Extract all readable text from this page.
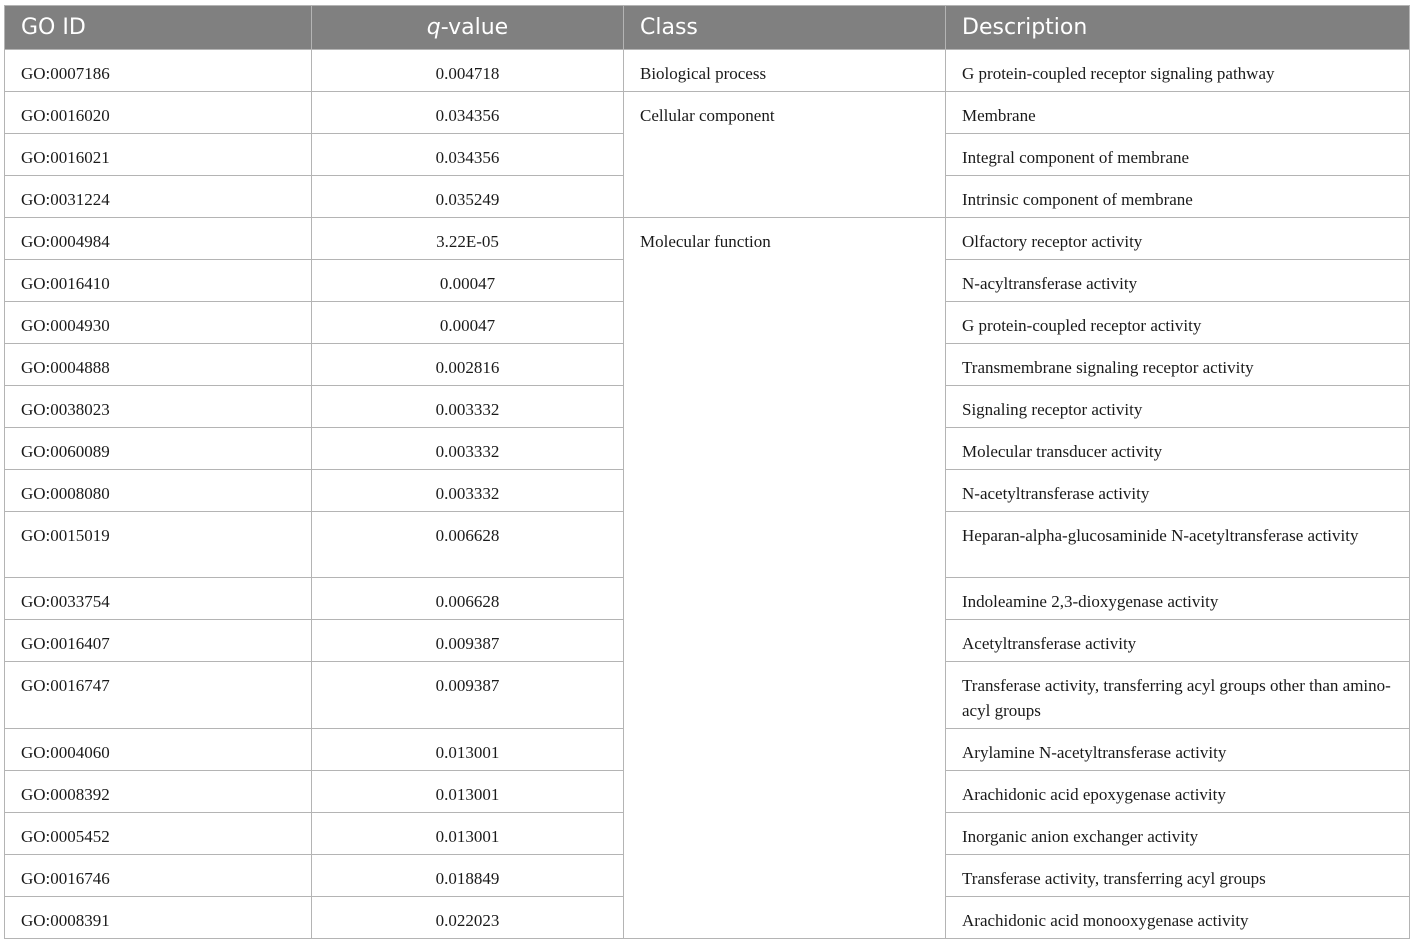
GO ID	q-value	Class	Description

GO:0007186	0.004718	Biological process	G protein-coupled receptor signaling pathway

GO:0016020	0.034356	Cellular component	Membrane

GO:0016021	0.034356		Integral component of membrane

GO:0031224	0.035249		Intrinsic component of membrane

GO:0004984	3.22E-05	Molecular function	Olfactory receptor activity

GO:0016410	0.00047		N-acyltransferase activity

GO:0004930	0.00047		G protein-coupled receptor activity

GO:0004888	0.002816		Transmembrane signaling receptor activity

GO:0038023	0.003332		Signaling receptor activity

GO:0060089	0.003332		Molecular transducer activity

GO:0008080	0.003332		N-acetyltransferase activity

GO:0015019	0.006628		Heparan-alpha-glucosaminide N-acetyltransferase activity

GO:0033754	0.006628		Indoleamine 2,3-dioxygenase activity

GO:0016407	0.009387		Acetyltransferase activity

GO:0016747	0.009387		Transferase activity, transferring acyl groups other than amino-acyl groups

GO:0004060	0.013001		Arylamine N-acetyltransferase activity

GO:0008392	0.013001		Arachidonic acid epoxygenase activity

GO:0005452	0.013001		Inorganic anion exchanger activity

GO:0016746	0.018849		Transferase activity, transferring acyl groups

GO:0008391	0.022023		Arachidonic acid monooxygenase activity
